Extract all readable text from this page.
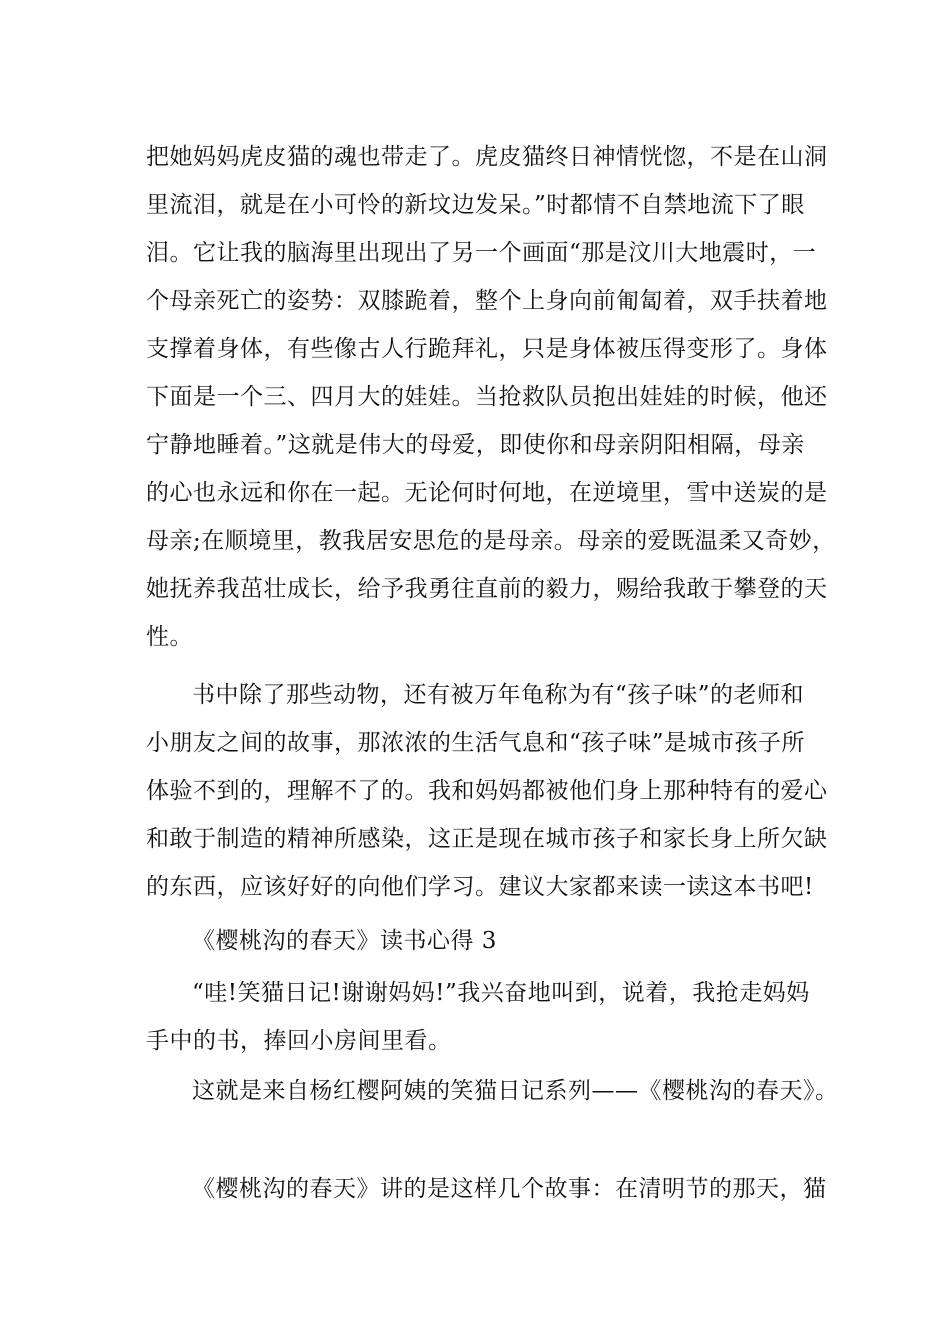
把她妈妈虎皮猫的魂也带走了。虎皮猫终日神情恍惚，不是在山洞
里流泪，就是在小可怜的新坟边发呆。”时都情不自禁地流下了眼
泪。它让我的脑海里出现出了另一个画面“那是汶川大地震时，一
个母亲死亡的姿势：双膝跪着，整个上身向前匍匐着，双手扶着地
支撑着身体，有些像古人行跪拜礼，只是身体被压得变形了。身体
下面是一个三、四月大的娃娃。当抢救队员抱出娃娃的时候，他还
宁静地睡着。”这就是伟大的母爱，即使你和母亲阴阳相隔，母亲
的心也永远和你在一起。无论何时何地，在逆境里，雪中送炭的是
母亲;在顺境里，教我居安思危的是母亲。母亲的爱既温柔又奇妙，
她抚养我茁壮成长，给予我勇往直前的毅力，赐给我敢于攀登的天
性。
书中除了那些动物，还有被万年龟称为有“孩子味”的老师和
小朋友之间的故事，那浓浓的生活气息和“孩子味”是城市孩子所
体验不到的，理解不了的。我和妈妈都被他们身上那种特有的爱心
和敢于制造的精神所感染，这正是现在城市孩子和家长身上所欠缺
的东西，应该好好的向他们学习。建议大家都来读一读这本书吧!
《樱桃沟的春天》读书心得 3
“哇!笑猫日记!谢谢妈妈!”我兴奋地叫到，说着，我抢走妈妈
手中的书，捧回小房间里看。
这就是来自杨红樱阿姨的笑猫日记系列——《樱桃沟的春天》。
《樱桃沟的春天》讲的是这样几个故事：在清明节的那天，猫
